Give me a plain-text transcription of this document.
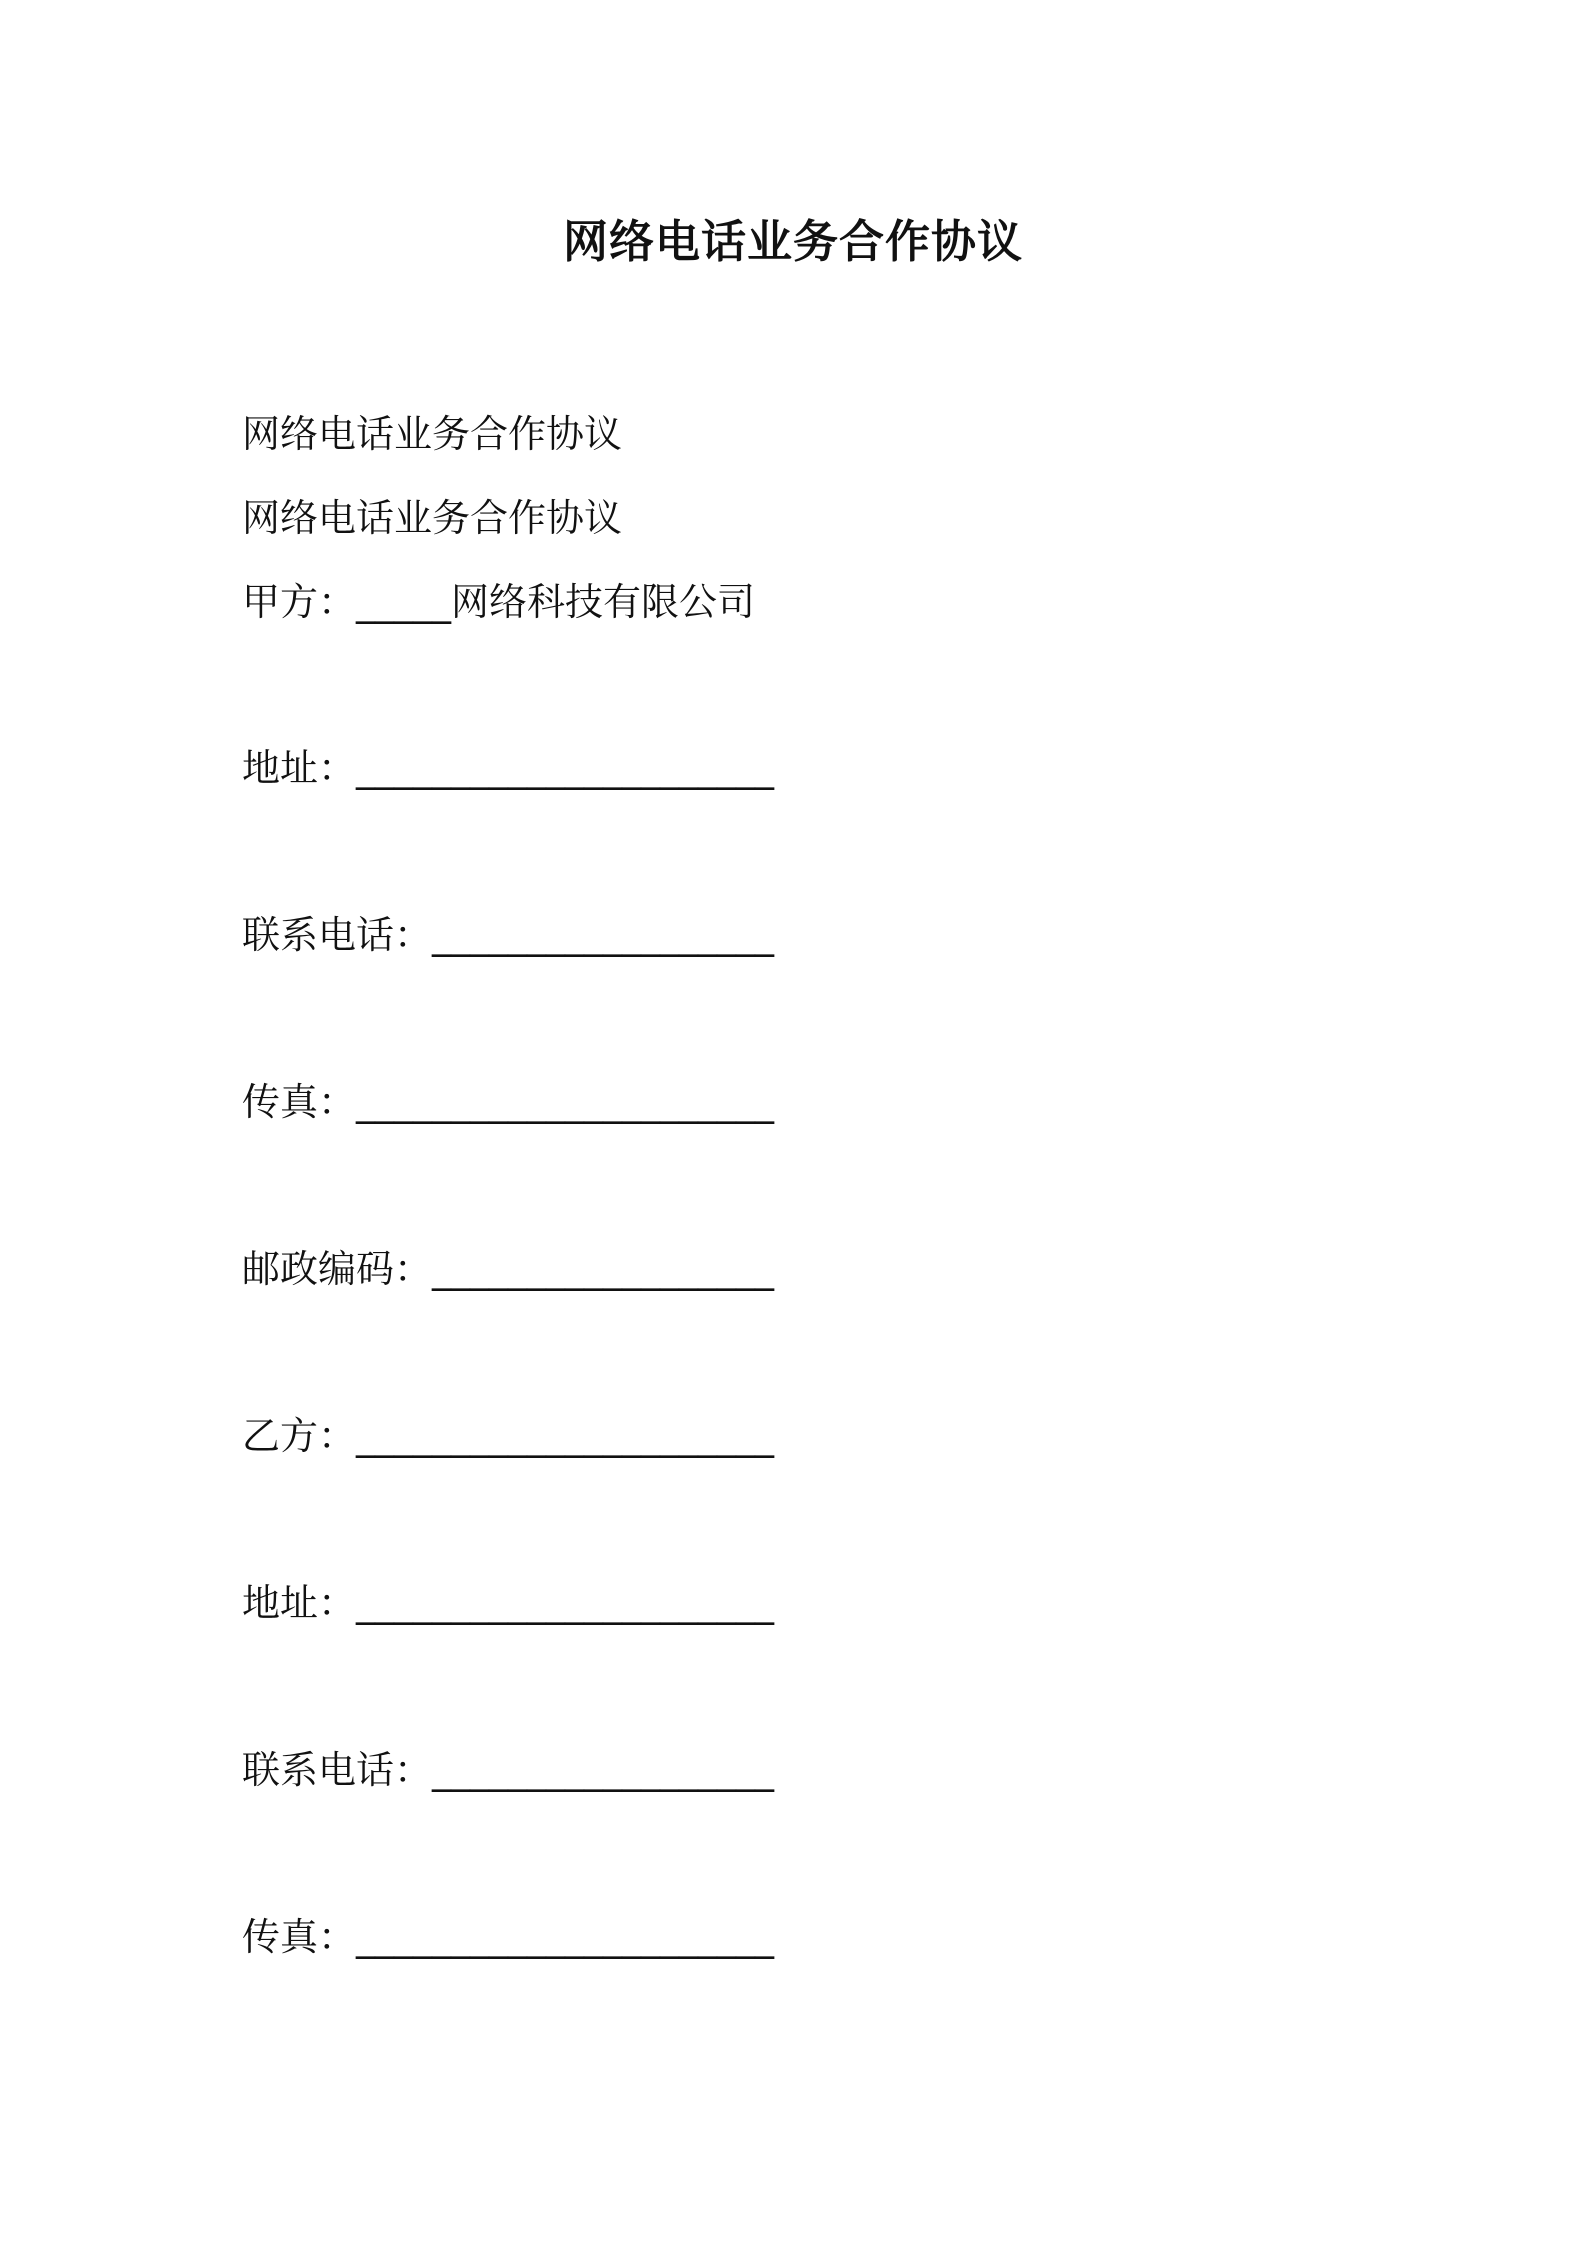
网络电话业务合作协议
网络电话业务合作协议
网络电话业务合作协议
甲方：_____网络科技有限公司
地址：______________________
联系电话：__________________
传真：______________________
邮政编码：__________________
乙方：______________________
地址：______________________
联系电话：__________________
传真：______________________
